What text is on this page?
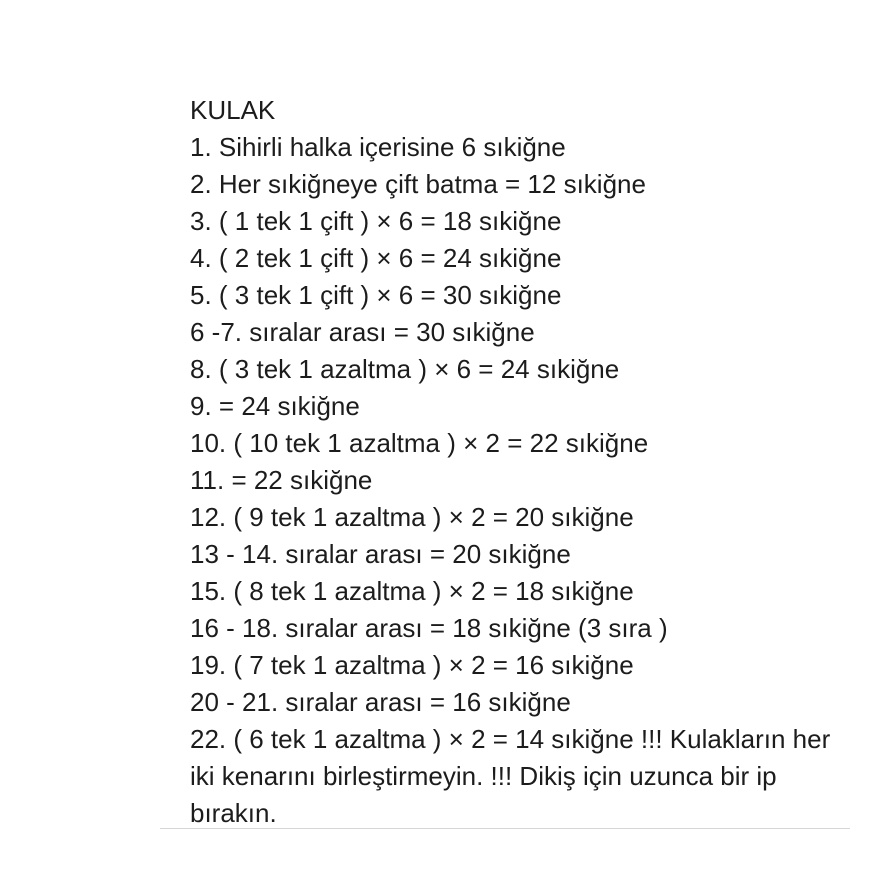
KULAK
1. Sihirli halka içerisine 6 sıkiğne
2. Her sıkiğneye çift batma = 12 sıkiğne
3. ( 1 tek 1 çift ) × 6 = 18 sıkiğne
4. ( 2 tek 1 çift ) × 6 = 24 sıkiğne
5. ( 3 tek 1 çift ) × 6 = 30 sıkiğne
6 -7. sıralar arası = 30 sıkiğne
8. ( 3 tek 1 azaltma ) × 6 = 24 sıkiğne
9. = 24 sıkiğne
10. ( 10 tek 1 azaltma ) × 2 = 22 sıkiğne
11. = 22 sıkiğne
12. ( 9 tek 1 azaltma ) × 2 = 20 sıkiğne
13 - 14. sıralar arası = 20 sıkiğne
15. ( 8 tek 1 azaltma ) × 2 = 18 sıkiğne
16 - 18. sıralar arası = 18 sıkiğne (3 sıra )
19. ( 7 tek 1 azaltma ) × 2 = 16 sıkiğne
20 - 21. sıralar arası = 16 sıkiğne
22. ( 6 tek 1 azaltma ) × 2 = 14 sıkiğne !!! Kulakların her iki kenarını birleştirmeyin. !!! Dikiş için uzunca bir ip bırakın.
